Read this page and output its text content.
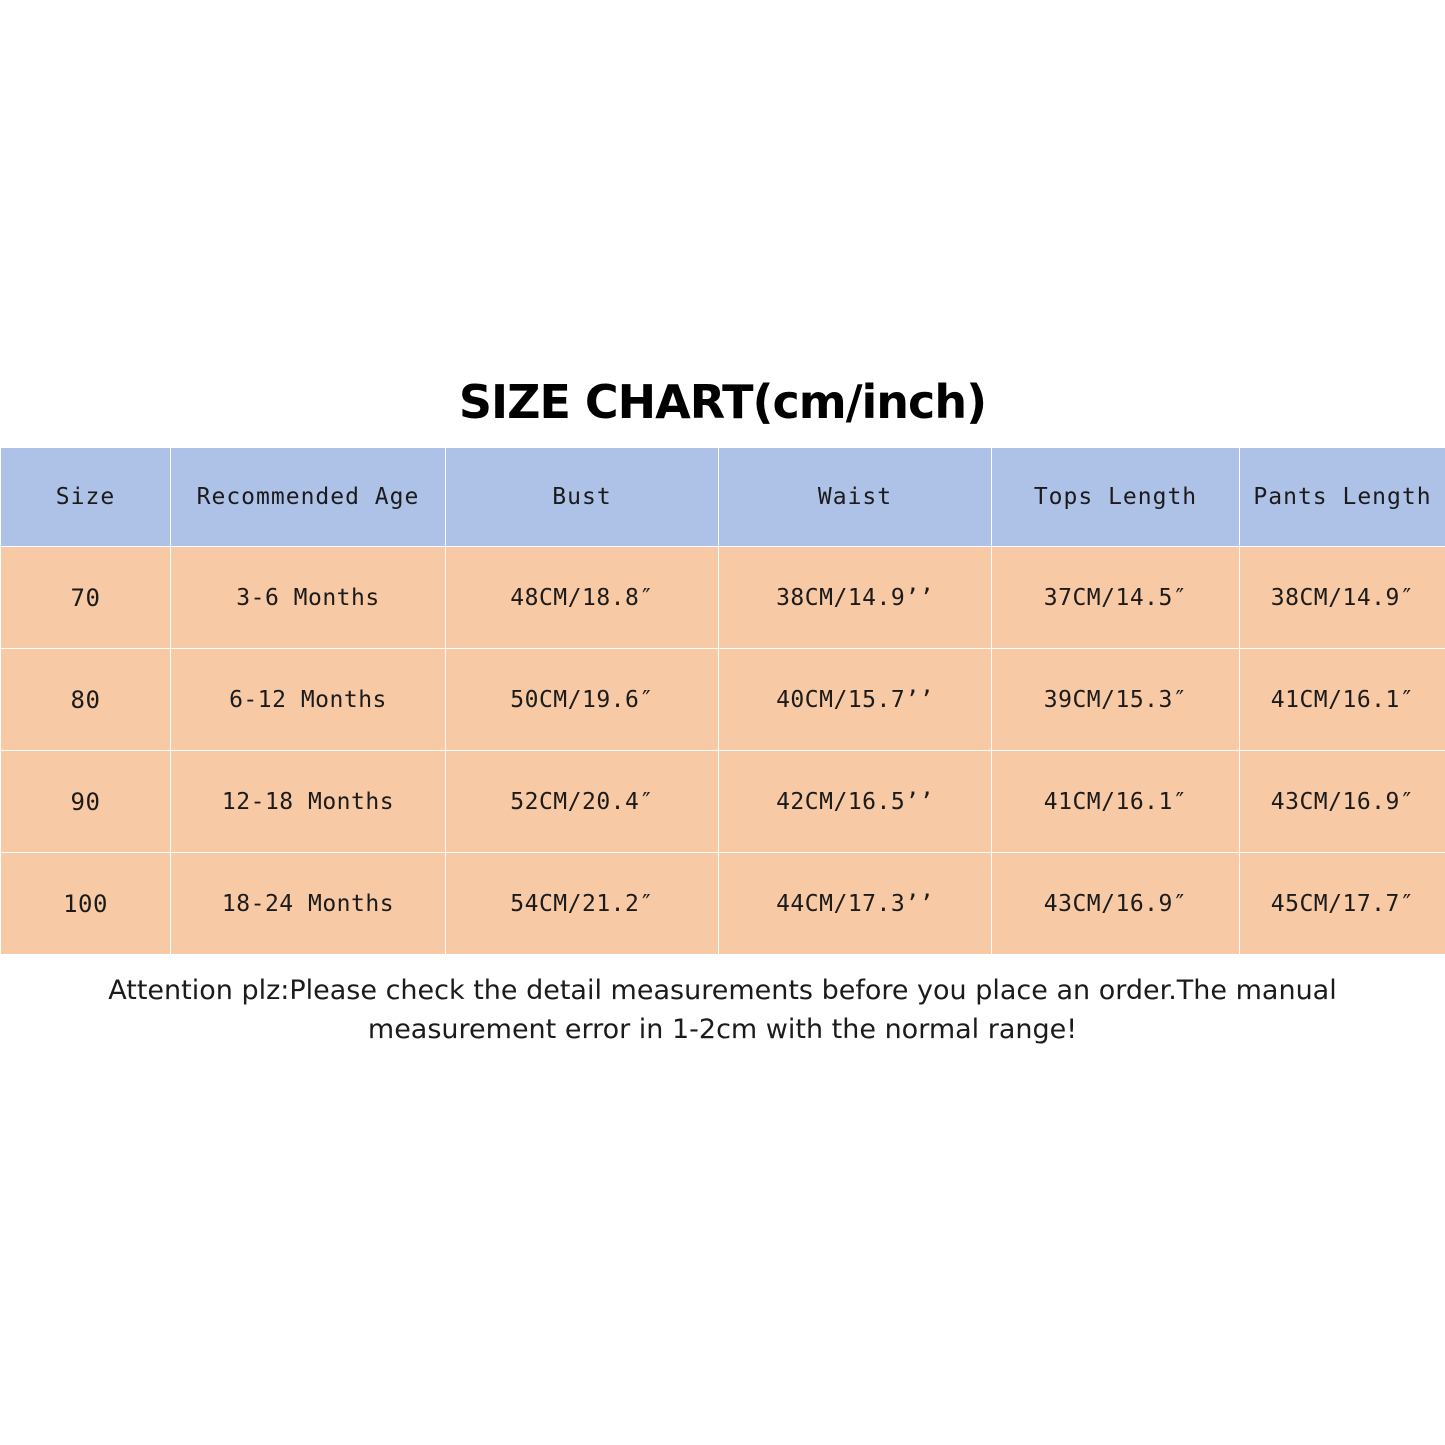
SIZE CHART(cm/inch)
Size	Recommended Age	Bust	Waist	Tops Length	Pants Length
70	3-6 Months	48CM/18.8″	38CM/14.9’’	37CM/14.5″	38CM/14.9″
80	6-12 Months	50CM/19.6″	40CM/15.7’’	39CM/15.3″	41CM/16.1″
90	12-18 Months	52CM/20.4″	42CM/16.5’’	41CM/16.1″	43CM/16.9″
100	18-24 Months	54CM/21.2″	44CM/17.3’’	43CM/16.9″	45CM/17.7″
Attention plz:Please check the detail measurements before you place an order.The manual measurement error in 1-2cm with the normal range!
